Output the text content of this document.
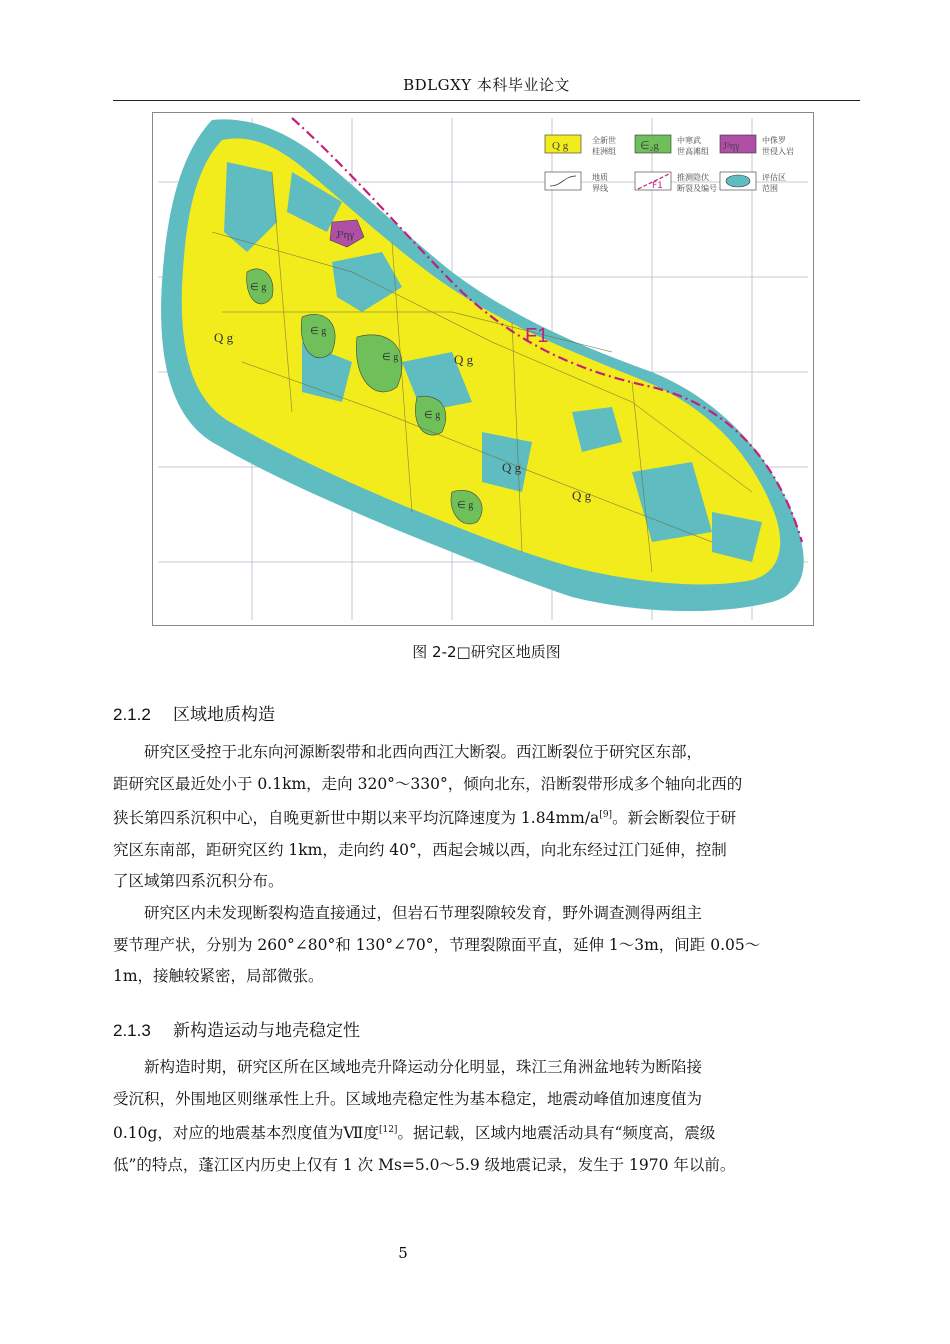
BDLGXY 本科毕业论文
F1
Q g
Q g
Q g
Q g
∈ g
∈ g
∈ g
∈ g
∈ g
J³ηγ
Q g	全新世
桂洲组 ∈₂g 中寒武
世高滩组 J³ηγ
中侏罗
世侵入岩
地质
界线	F1
推测隐伏
断裂及编号
评估区
范围
图 2-2□研究区地质图
2.1.2 区域地质构造
研究区受控于北东向河源断裂带和北西向西江大断裂。西江断裂位于研究区东部，
距研究区最近处小于 0.1km，走向 320°～330°，倾向北东，沿断裂带形成多个轴向北西的
狭长第四系沉积中心，自晚更新世中期以来平均沉降速度为 1.84mm/a[9]。新会断裂位于研
究区东南部，距研究区约 1km，走向约 40°，西起会城以西，向北东经过江门延伸，控制
了区域第四系沉积分布。
研究区内未发现断裂构造直接通过，但岩石节理裂隙较发育，野外调查测得两组主
要节理产状，分别为 260°∠80°和 130°∠70°，节理裂隙面平直，延伸 1～3m，间距 0.05～
1m，接触较紧密，局部微张。
2.1.3 新构造运动与地壳稳定性
新构造时期，研究区所在区域地壳升降运动分化明显，珠江三角洲盆地转为断陷接
受沉积，外围地区则继承性上升。区域地壳稳定性为基本稳定，地震动峰值加速度值为
0.10g，对应的地震基本烈度值为Ⅶ度[12]。据记载，区域内地震活动具有“频度高，震级
低”的特点，蓬江区内历史上仅有 1 次 Ms=5.0～5.9 级地震记录，发生于 1970 年以前。
5
